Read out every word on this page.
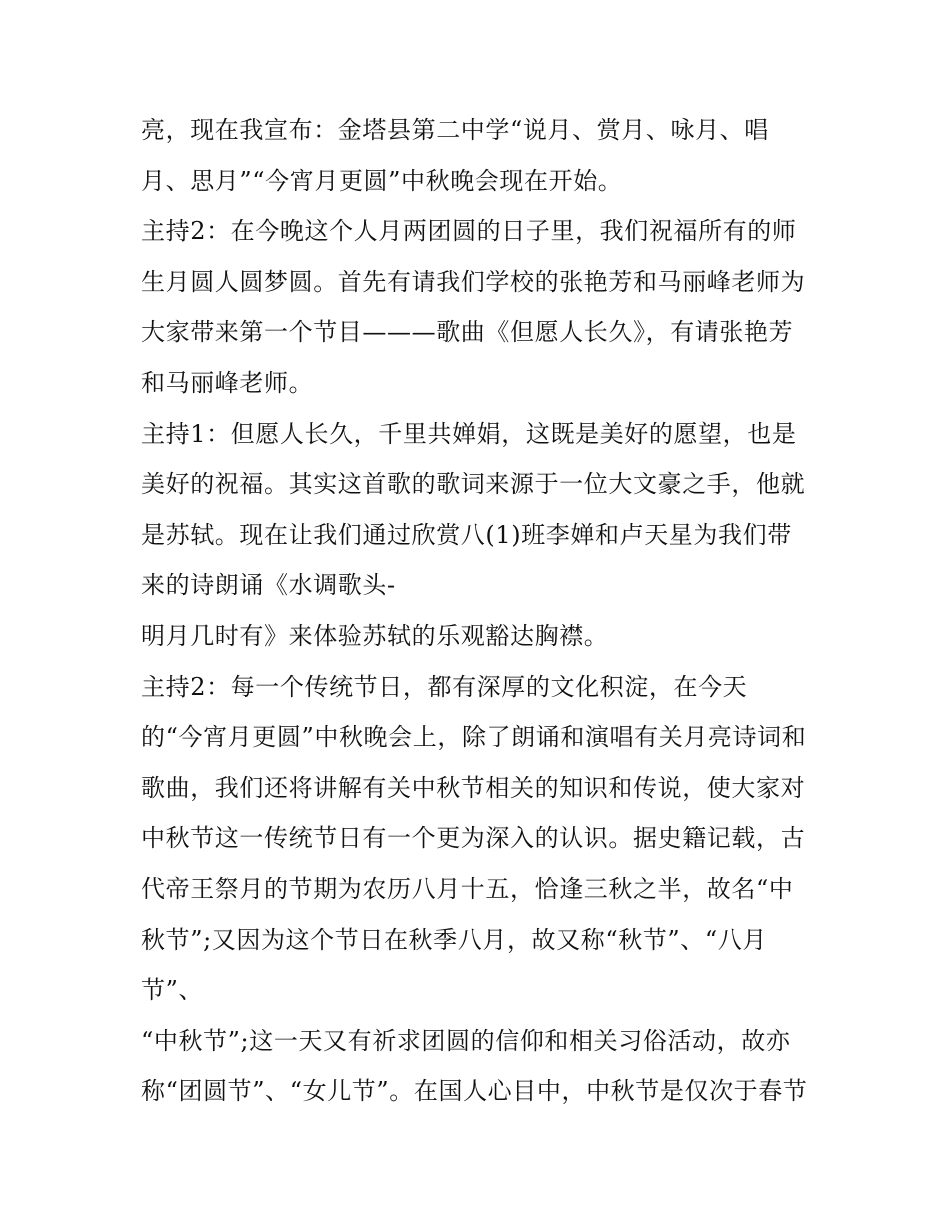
亮，现在我宣布：金塔县第二中学“说月、赏月、咏月、唱
月、思月”“今宵月更圆”中秋晚会现在开始。
主持2：在今晚这个人月两团圆的日子里，我们祝福所有的师
生月圆人圆梦圆。首先有请我们学校的张艳芳和马丽峰老师为
大家带来第一个节目———歌曲《但愿人长久》，有请张艳芳
和马丽峰老师。
主持1：但愿人长久，千里共婵娟，这既是美好的愿望，也是
美好的祝福。其实这首歌的歌词来源于一位大文豪之手，他就
是苏轼。现在让我们通过欣赏八(1)班李婵和卢天星为我们带
来的诗朗诵《水调歌头-
明月几时有》来体验苏轼的乐观豁达胸襟。
主持2：每一个传统节日，都有深厚的文化积淀，在今天
的“今宵月更圆”中秋晚会上，除了朗诵和演唱有关月亮诗词和
歌曲，我们还将讲解有关中秋节相关的知识和传说，使大家对
中秋节这一传统节日有一个更为深入的认识。据史籍记载，古
代帝王祭月的节期为农历八月十五，恰逢三秋之半，故名“中
秋节”;又因为这个节日在秋季八月，故又称“秋节”、“八月
节”、
“中秋节”;这一天又有祈求团圆的信仰和相关习俗活动，故亦
称“团圆节”、“女儿节”。在国人心目中，中秋节是仅次于春节
